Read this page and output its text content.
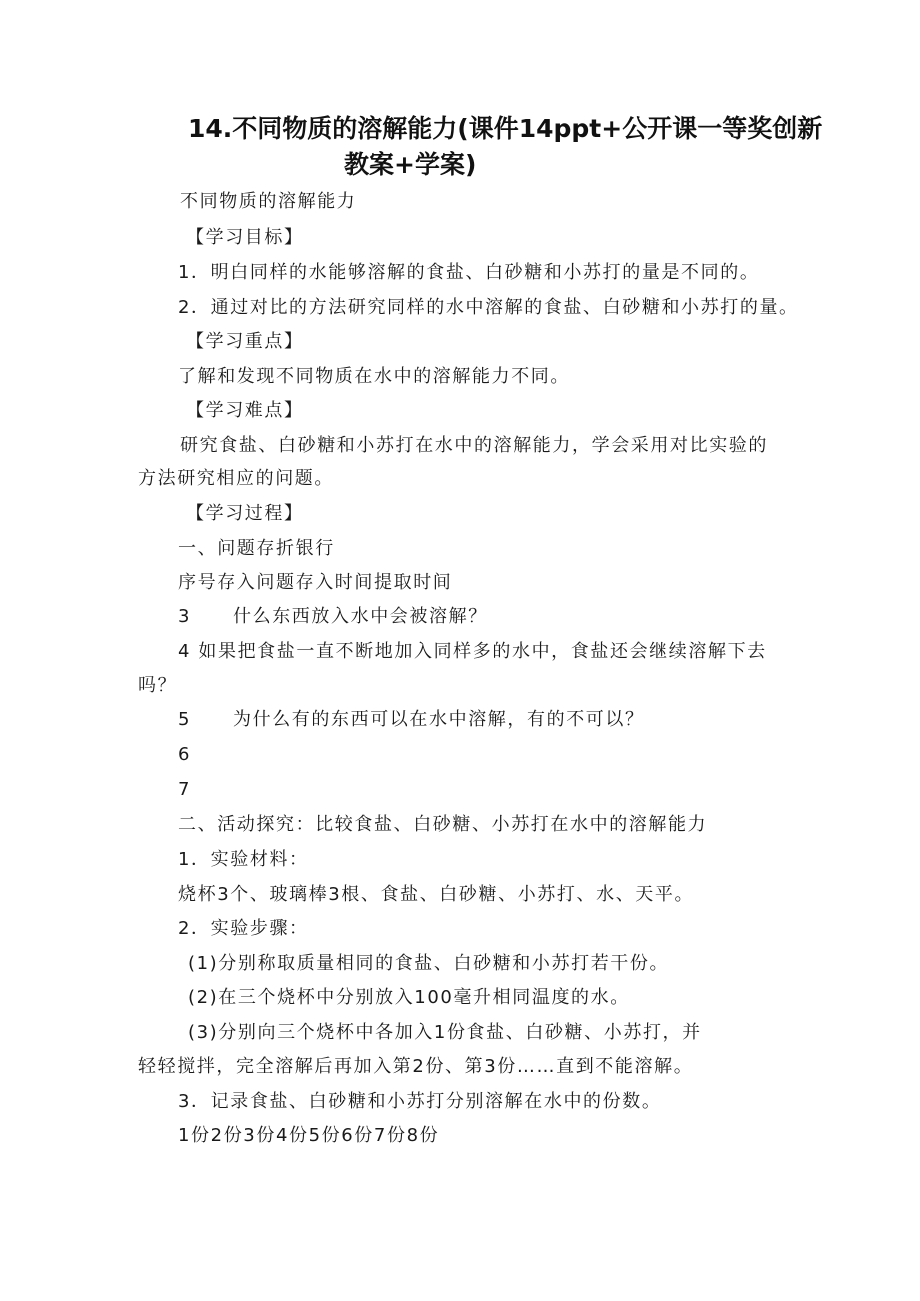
14.不同物质的溶解能力(课件14ppt+公开课一等奖创新
教案+学案)
不同物质的溶解能力
【学习目标】
1．明白同样的水能够溶解的食盐、白砂糖和小苏打的量是不同的。
2．通过对比的方法研究同样的水中溶解的食盐、白砂糖和小苏打的量。
【学习重点】
了解和发现不同物质在水中的溶解能力不同。
【学习难点】
研究食盐、白砂糖和小苏打在水中的溶解能力，学会采用对比实验的
方法研究相应的问题。
【学习过程】
一、问题存折银行
序号存入问题存入时间提取时间
3 什么东西放入水中会被溶解？
4 如果把食盐一直不断地加入同样多的水中，食盐还会继续溶解下去
吗？
5 为什么有的东西可以在水中溶解，有的不可以？
6
7
二、活动探究：比较食盐、白砂糖、小苏打在水中的溶解能力
1．实验材料：
烧杯3个、玻璃棒3根、食盐、白砂糖、小苏打、水、天平。
2．实验步骤：
(1)分别称取质量相同的食盐、白砂糖和小苏打若干份。
(2)在三个烧杯中分别放入100毫升相同温度的水。
(3)分别向三个烧杯中各加入1份食盐、白砂糖、小苏打，并
轻轻搅拌，完全溶解后再加入第2份、第3份……直到不能溶解。
3．记录食盐、白砂糖和小苏打分别溶解在水中的份数。
1份2份3份4份5份6份7份8份
